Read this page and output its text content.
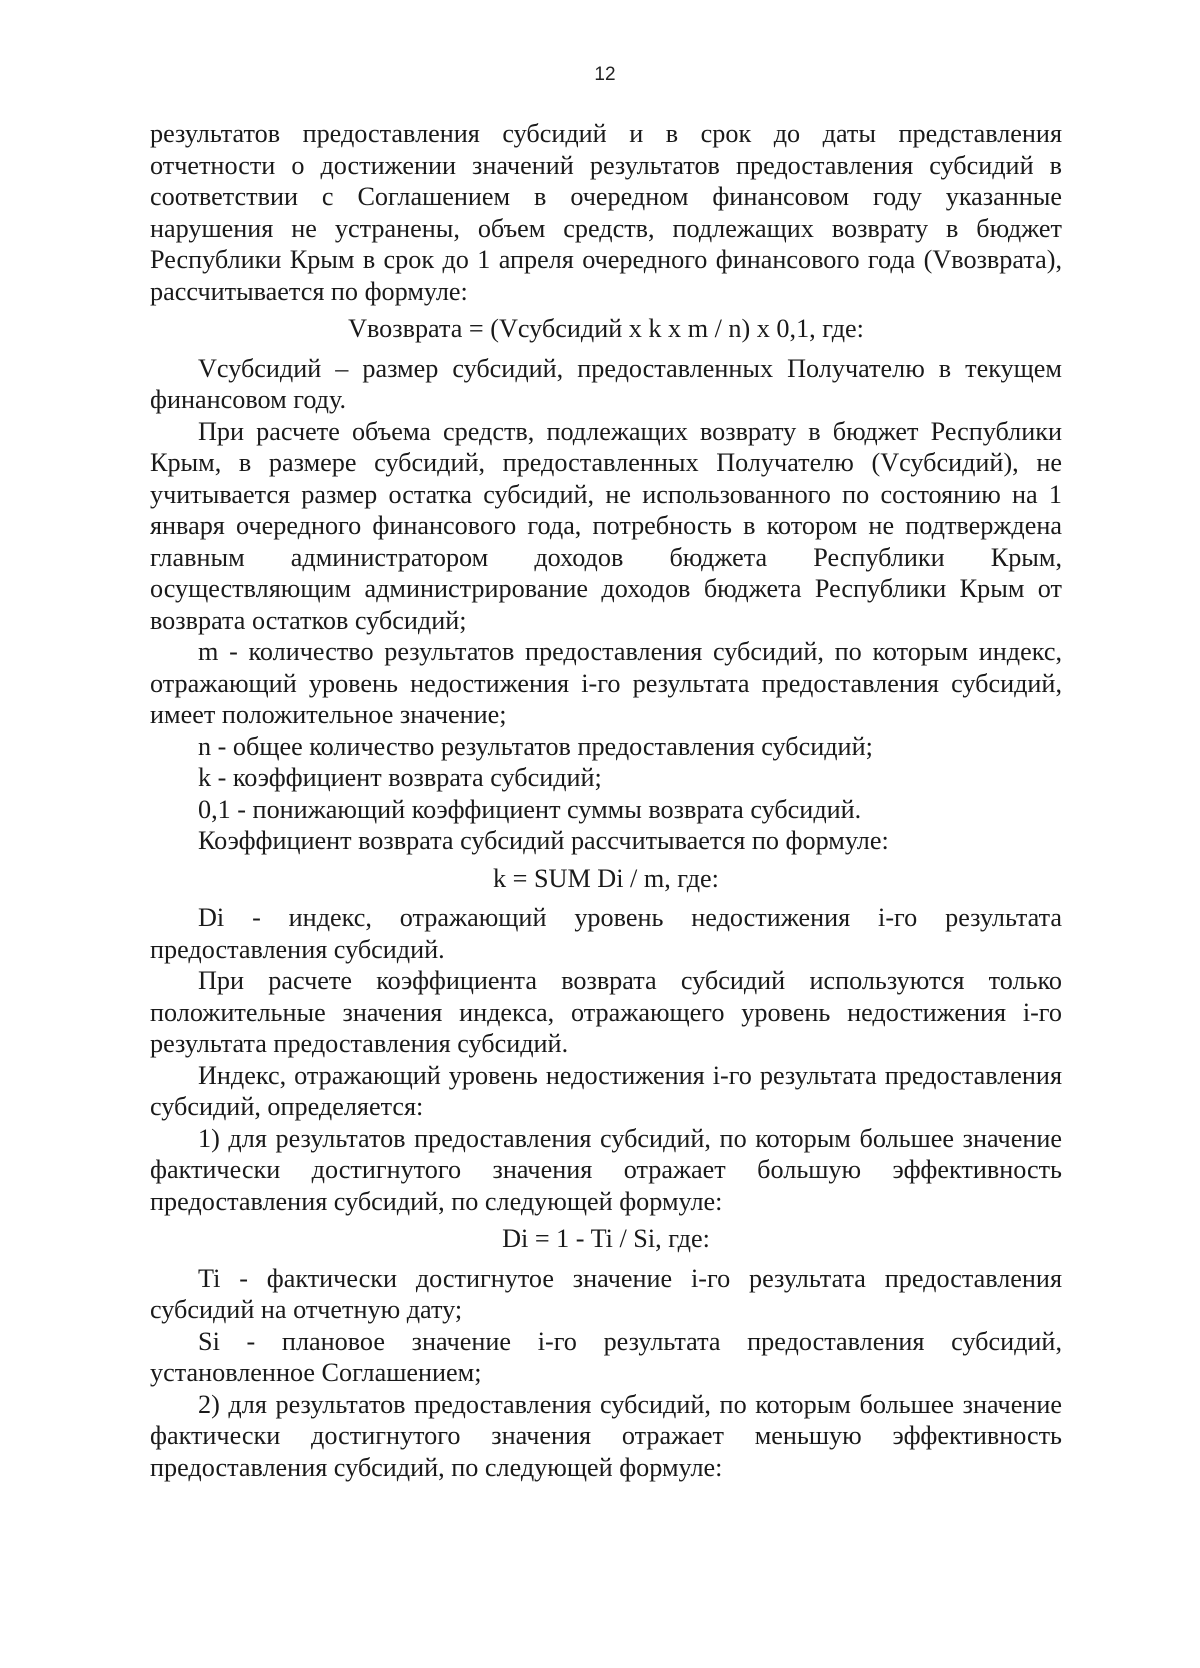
12

результатов предоставления субсидий и в срок до даты представления отчетности о достижении значений результатов предоставления субсидий в соответствии с Соглашением в очередном финансовом году указанные нарушения не устранены, объем средств, подлежащих возврату в бюджет Республики Крым в срок до 1 апреля очередного финансового года (Vвозврата), рассчитывается по формуле:

Vвозврата = (Vсубсидий x k x m / n) x 0,1, где:

Vсубсидий – размер субсидий, предоставленных Получателю в текущем финансовом году.

При расчете объема средств, подлежащих возврату в бюджет Республики Крым, в размере субсидий, предоставленных Получателю (Vсубсидий), не учитывается размер остатка субсидий, не использованного по состоянию на 1 января очередного финансового года, потребность в котором не подтверждена главным администратором доходов бюджета Республики Крым, осуществляющим администрирование доходов бюджета Республики Крым от возврата остатков субсидий;

m - количество результатов предоставления субсидий, по которым индекс, отражающий уровень недостижения i-го результата предоставления субсидий, имеет положительное значение;

n - общее количество результатов предоставления субсидий;

k - коэффициент возврата субсидий;

0,1 - понижающий коэффициент суммы возврата субсидий.

Коэффициент возврата субсидий рассчитывается по формуле:

k = SUM Di / m, где:

Di - индекс, отражающий уровень недостижения i-го результата предоставления субсидий.

При расчете коэффициента возврата субсидий используются только положительные значения индекса, отражающего уровень недостижения i-го результата предоставления субсидий.

Индекс, отражающий уровень недостижения i-го результата предоставления субсидий, определяется:

1) для результатов предоставления субсидий, по которым большее значение фактически достигнутого значения отражает большую эффективность предоставления субсидий, по следующей формуле:

Di = 1 - Ti / Si, где:

Ti - фактически достигнутое значение i-го результата предоставления субсидий на отчетную дату;

Si - плановое значение i-го результата предоставления субсидий, установленное Соглашением;

2) для результатов предоставления субсидий, по которым большее значение фактически достигнутого значения отражает меньшую эффективность предоставления субсидий, по следующей формуле:
